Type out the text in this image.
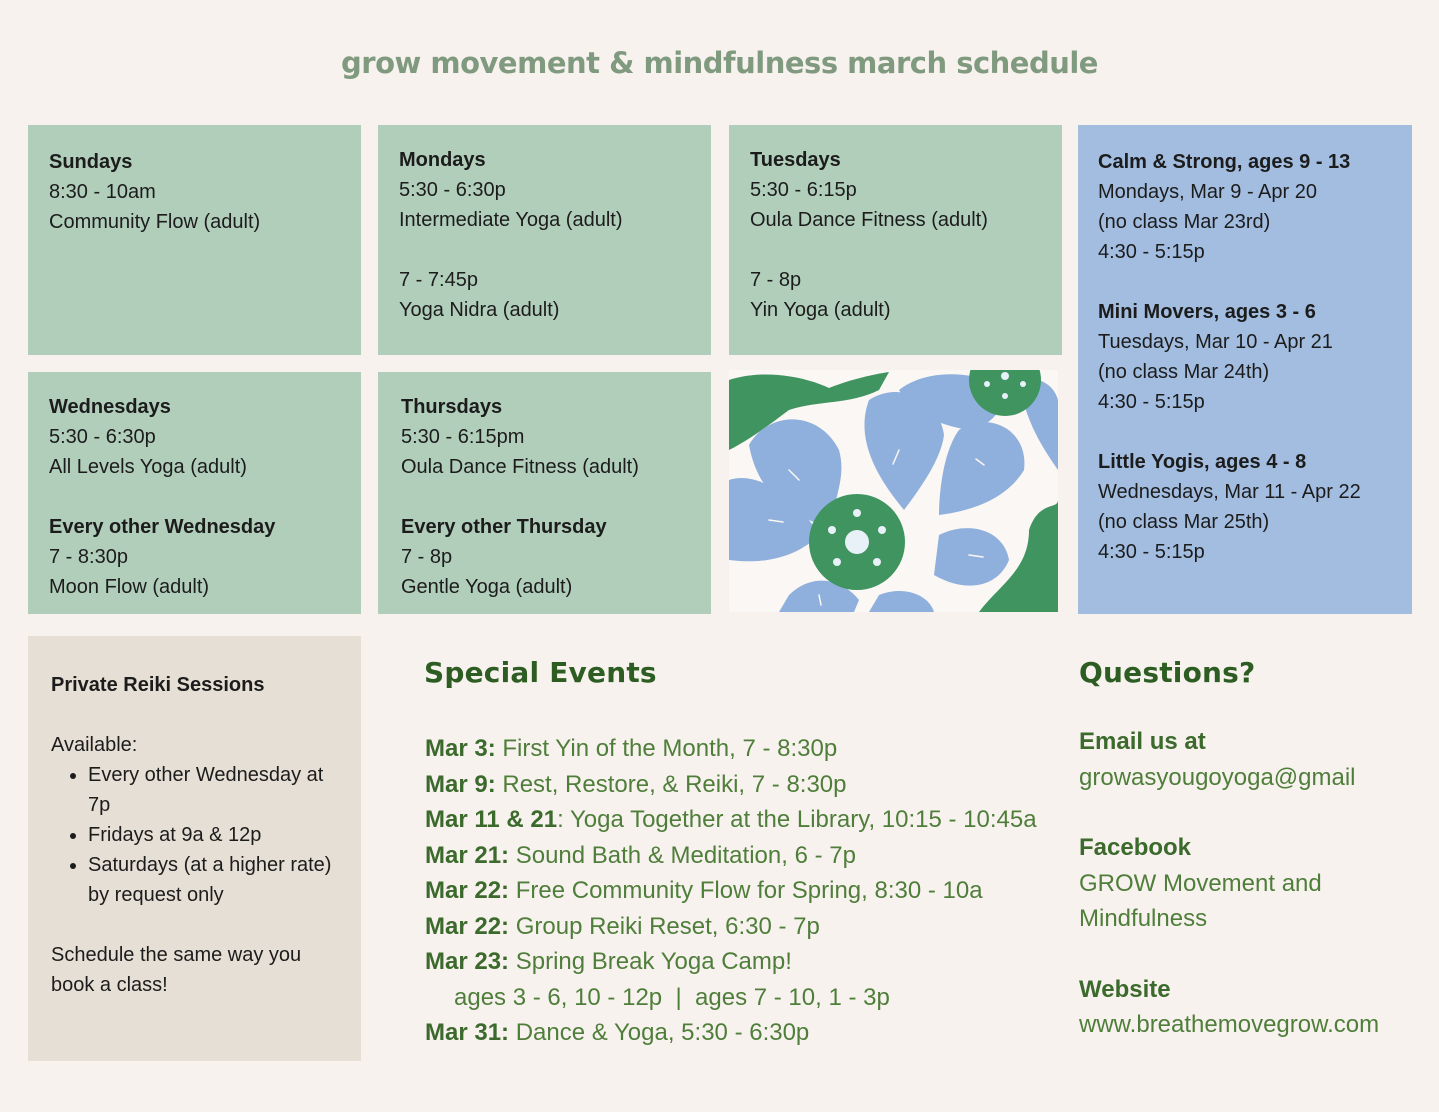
grow movement & mindfulness march schedule
Sundays
8:30 - 10am
Community Flow (adult)
Mondays
5:30 - 6:30p
Intermediate Yoga (adult)
7 - 7:45p
Yoga Nidra (adult)
Tuesdays
5:30 - 6:15p
Oula Dance Fitness (adult)
7 - 8p
Yin Yoga (adult)
Calm & Strong, ages 9 - 13
Mondays, Mar 9 - Apr 20
(no class Mar 23rd)
4:30 - 5:15p
Mini Movers, ages 3 - 6
Tuesdays, Mar 10 - Apr 21
(no class Mar 24th)
4:30 - 5:15p
Little Yogis, ages 4 - 8
Wednesdays, Mar 11 - Apr 22
(no class Mar 25th)
4:30 - 5:15p
Wednesdays
5:30 - 6:30p
All Levels Yoga (adult)
Every other Wednesday
7 - 8:30p
Moon Flow (adult)
Thursdays
5:30 - 6:15pm
Oula Dance Fitness (adult)
Every other Thursday
7 - 8p
Gentle Yoga (adult)
Private Reiki Sessions
Available:
• Every other Wednesday at 7p
• Fridays at 9a & 12p
• Saturdays (at a higher rate) by request only
Schedule the same way you book a class!
Special Events
Mar 3: First Yin of the Month, 7 - 8:30p
Mar 9: Rest, Restore, & Reiki, 7 - 8:30p
Mar 11 & 21: Yoga Together at the Library, 10:15 - 10:45a
Mar 21: Sound Bath & Meditation, 6 - 7p
Mar 22: Free Community Flow for Spring, 8:30 - 10a
Mar 22: Group Reiki Reset, 6:30 - 7p
Mar 23: Spring Break Yoga Camp!
ages 3 - 6, 10 - 12p  |  ages 7 - 10, 1 - 3p
Mar 31: Dance & Yoga, 5:30 - 6:30p
Questions?
Email us at
growasyougoyoga@gmail
Facebook
GROW Movement and
Mindfulness
Website
www.breathemovegrow.com
